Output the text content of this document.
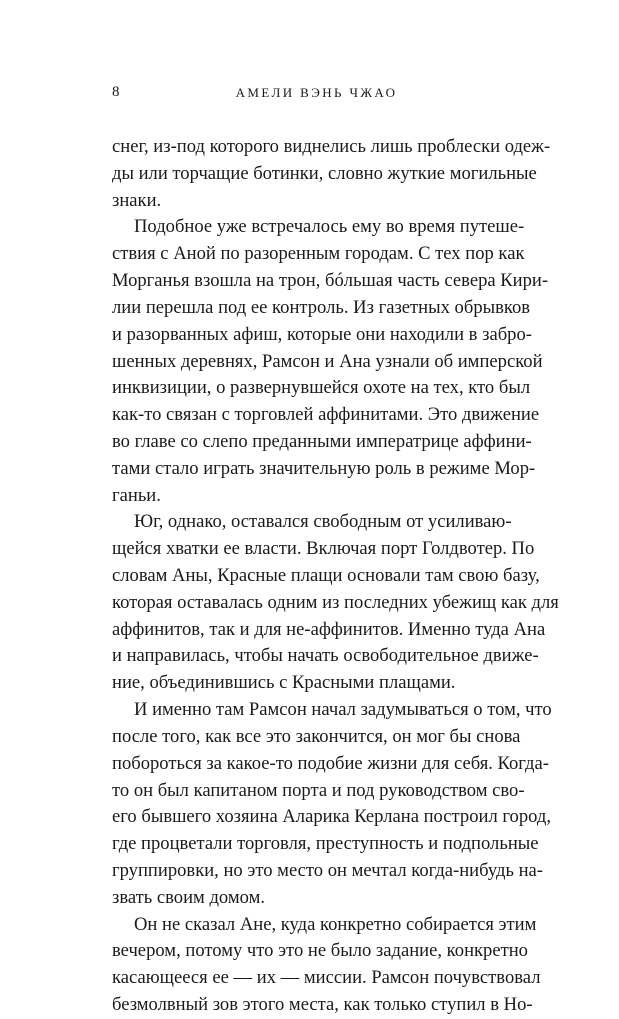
8	АМЕЛИ ВЭНЬ ЧЖАО
снег, из-под которого виднелись лишь проблески одеж-
ды или торчащие ботинки, словно жуткие могильные
знаки.
Подобное уже встречалось ему во время путеше-
ствия с Аной по разоренным городам. С тех пор как
Морганья взошла на трон, бóльшая часть севера Кири-
лии перешла под ее контроль. Из газетных обрывков
и разорванных афиш, которые они находили в забро-
шенных деревнях, Рамсон и Ана узнали об имперской
инквизиции, о развернувшейся охоте на тех, кто был
как-то связан с торговлей аффинитами. Это движение
во главе со слепо преданными императрице аффини-
тами стало играть значительную роль в режиме Мор-
ганьи.
Юг, однако, оставался свободным от усиливаю-
щейся хватки ее власти. Включая порт Голдвотер. По
словам Аны, Красные плащи основали там свою базу,
которая оставалась одним из последних убежищ как для
аффинитов, так и для не-аффинитов. Именно туда Ана
и направилась, чтобы начать освободительное движе-
ние, объединившись с Красными плащами.
И именно там Рамсон начал задумываться о том, что
после того, как все это закончится, он мог бы снова
побороться за какое-то подобие жизни для себя. Когда-
то он был капитаном порта и под руководством сво-
его бывшего хозяина Аларика Керлана построил город,
где процветали торговля, преступность и подпольные
группировки, но это место он мечтал когда-нибудь на-
звать своим домом.
Он не сказал Ане, куда конкретно собирается этим
вечером, потому что это не было задание, конкретно
касающееся ее — их — миссии. Рамсон почувствовал
безмолвный зов этого места, как только ступил в Но-
